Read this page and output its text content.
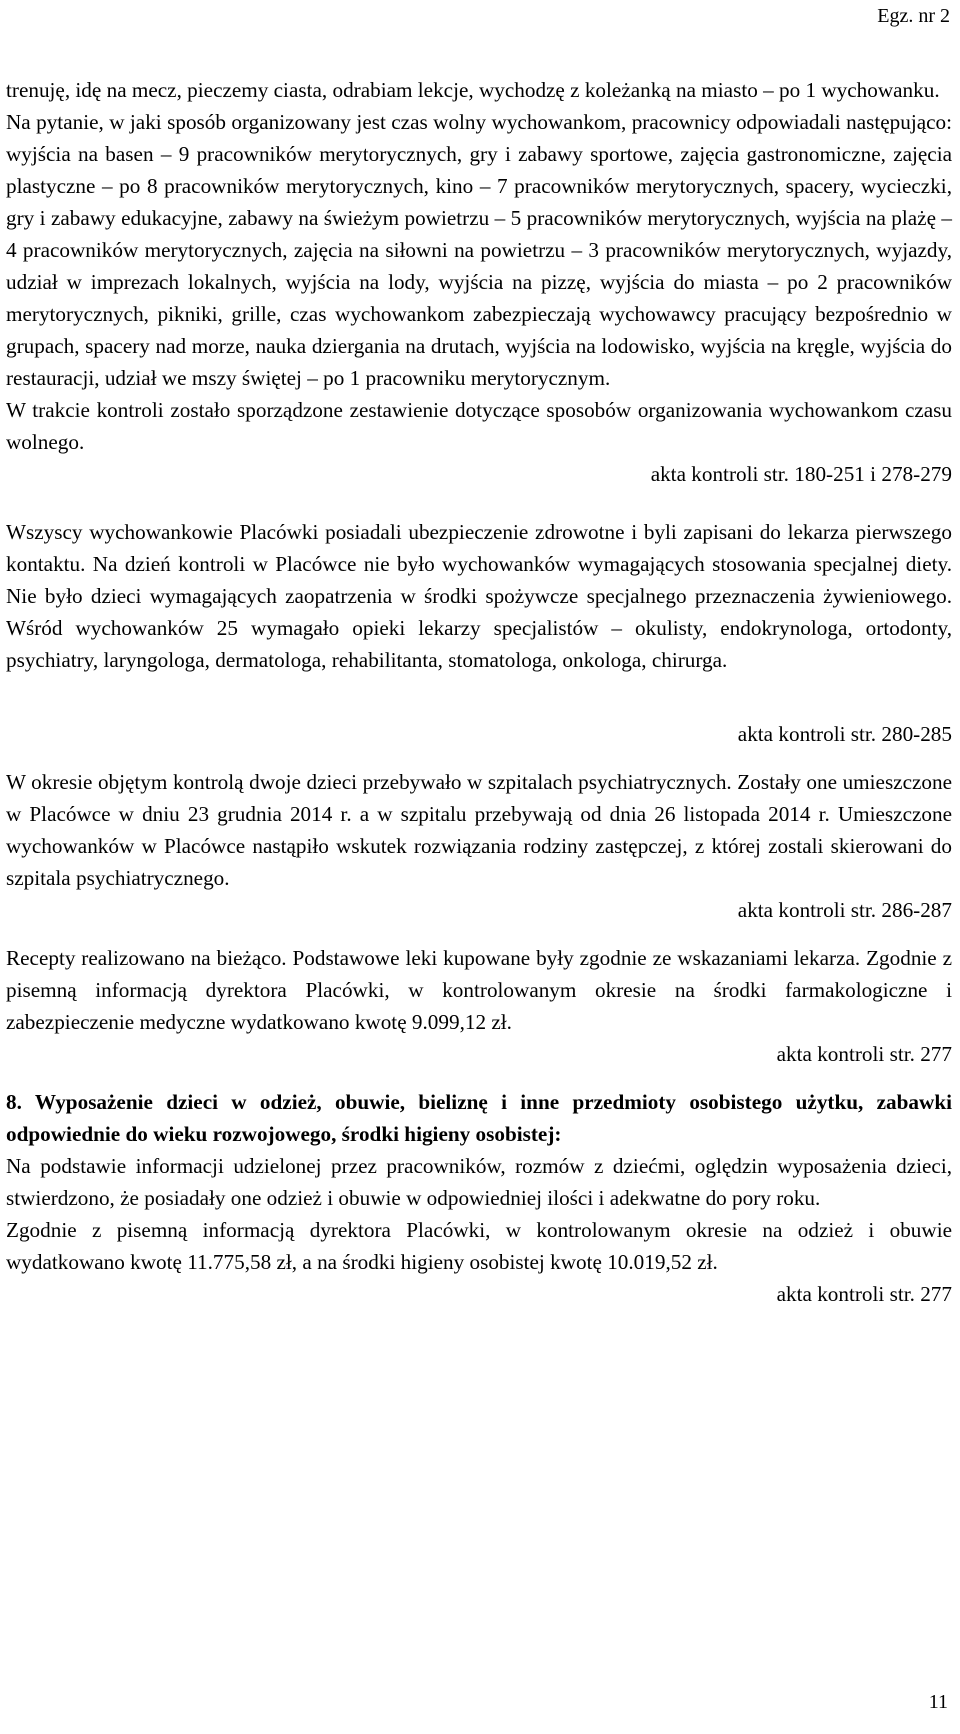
Egz. nr 2

trenuję, idę na mecz, pieczemy ciasta, odrabiam lekcje, wychodzę z koleżanką na miasto – po 1 wychowanku.

Na pytanie, w jaki sposób organizowany jest czas wolny wychowankom, pracownicy odpowiadali następująco: wyjścia na basen – 9 pracowników merytorycznych, gry i zabawy sportowe, zajęcia gastronomiczne, zajęcia plastyczne – po 8 pracowników merytorycznych, kino – 7 pracowników merytorycznych, spacery, wycieczki, gry i zabawy edukacyjne, zabawy na świeżym powietrzu – 5 pracowników merytorycznych, wyjścia na plażę – 4 pracowników merytorycznych, zajęcia na siłowni na powietrzu – 3 pracowników merytorycznych, wyjazdy, udział w imprezach lokalnych, wyjścia na lody, wyjścia na pizzę, wyjścia do miasta – po 2 pracowników merytorycznych, pikniki, grille, czas wychowankom zabezpieczają wychowawcy pracujący bezpośrednio w grupach, spacery nad morze, nauka dziergania na drutach, wyjścia na lodowisko, wyjścia na kręgle, wyjścia do restauracji, udział we mszy świętej – po 1 pracowniku merytorycznym.

W trakcie kontroli zostało sporządzone zestawienie dotyczące sposobów organizowania wychowankom czasu wolnego.

akta kontroli str. 180-251 i 278-279

Wszyscy wychowankowie Placówki posiadali ubezpieczenie zdrowotne i byli zapisani do lekarza pierwszego kontaktu. Na dzień kontroli w Placówce nie było wychowanków wymagających stosowania specjalnej diety. Nie było dzieci wymagających zaopatrzenia w środki spożywcze specjalnego przeznaczenia żywieniowego. Wśród wychowanków 25 wymagało opieki lekarzy specjalistów – okulisty, endokrynologa, ortodonty, psychiatry, laryngologa, dermatologa, rehabilitanta, stomatologa, onkologa, chirurga.

akta kontroli str. 280-285

W okresie objętym kontrolą dwoje dzieci przebywało w szpitalach psychiatrycznych. Zostały one umieszczone w Placówce w dniu 23 grudnia 2014 r. a w szpitalu przebywają od dnia 26 listopada 2014 r. Umieszczone wychowanków w Placówce nastąpiło wskutek rozwiązania rodziny zastępczej, z której zostali skierowani do szpitala psychiatrycznego.

akta kontroli str. 286-287

Recepty realizowano na bieżąco. Podstawowe leki kupowane były zgodnie ze wskazaniami lekarza. Zgodnie z pisemną informacją dyrektora Placówki, w kontrolowanym okresie na środki farmakologiczne i zabezpieczenie medyczne wydatkowano kwotę 9.099,12 zł.

akta kontroli str. 277

8. Wyposażenie dzieci w odzież, obuwie, bieliznę i inne przedmioty osobistego użytku, zabawki odpowiednie do wieku rozwojowego, środki higieny osobistej:

Na podstawie informacji udzielonej przez pracowników, rozmów z dziećmi, oględzin wyposażenia dzieci, stwierdzono, że posiadały one odzież i obuwie w odpowiedniej ilości i adekwatne do pory roku.

Zgodnie z pisemną informacją dyrektora Placówki, w kontrolowanym okresie na odzież i obuwie wydatkowano kwotę 11.775,58 zł, a na środki higieny osobistej kwotę 10.019,52 zł.

akta kontroli str. 277

11
